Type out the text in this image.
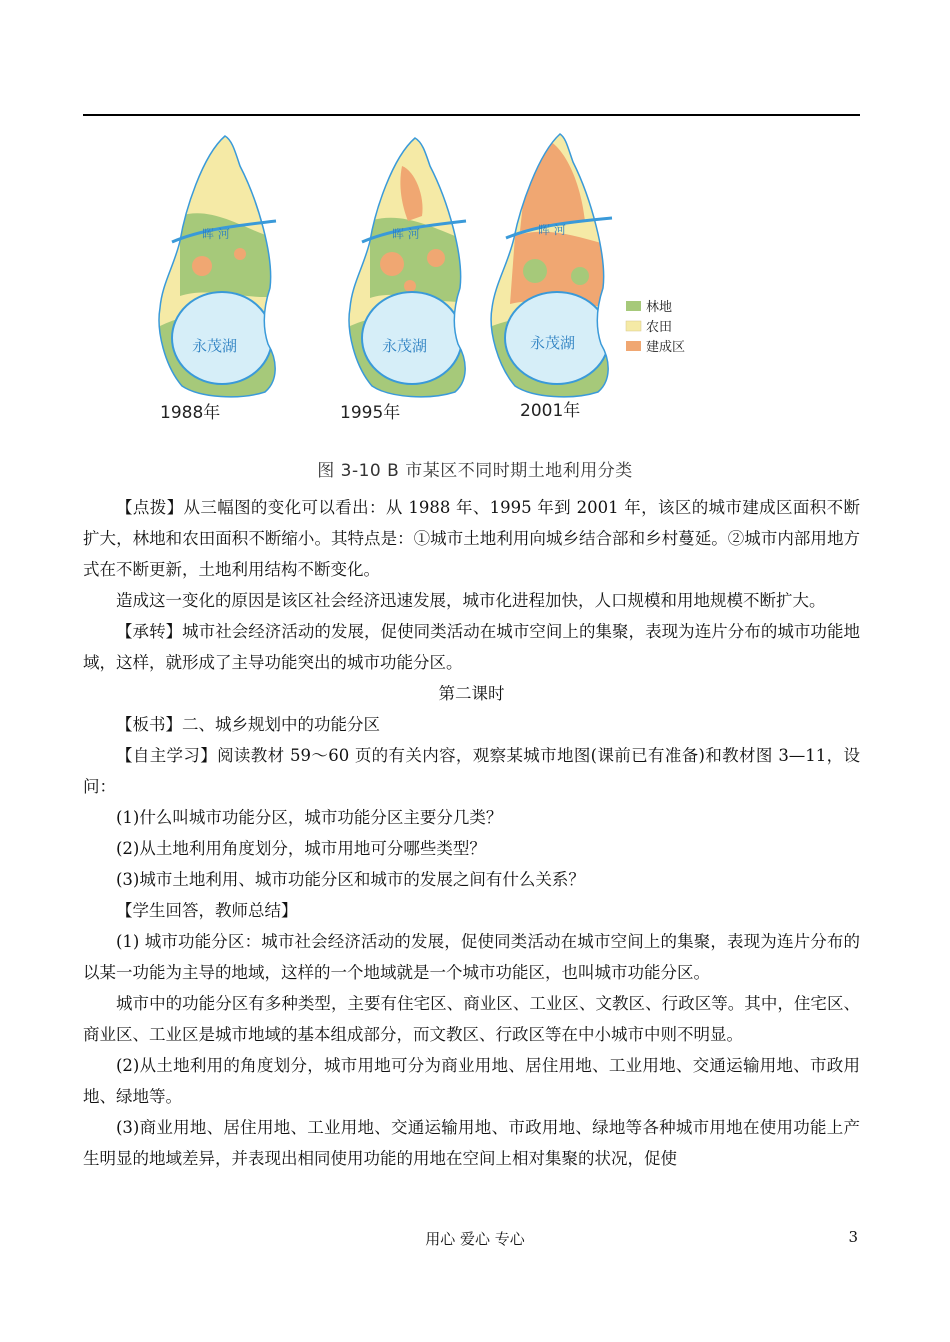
晖 河
永茂湖
1988年
晖 河
永茂湖
1995年
晖 河
永茂湖
2001年
林地
农田
建成区
图 3-10 B 市某区不同时期土地利用分类

【点拨】从三幅图的变化可以看出：从 1988 年、1995 年到 2001 年，该区的城市建成区面积不断扩大，林地和农田面积不断缩小。其特点是：①城市土地利用向城乡结合部和乡村蔓延。②城市内部用地方式在不断更新，土地利用结构不断变化。

造成这一变化的原因是该区社会经济迅速发展，城市化进程加快，人口规模和用地规模不断扩大。

【承转】城市社会经济活动的发展，促使同类活动在城市空间上的集聚，表现为连片分布的城市功能地域，这样，就形成了主导功能突出的城市功能分区。

第二课时

【板书】二、城乡规划中的功能分区

【自主学习】阅读教材 59～60 页的有关内容，观察某城市地图(课前已有准备)和教材图 3—11，设问：

(1)什么叫城市功能分区，城市功能分区主要分几类？

(2)从土地利用角度划分，城市用地可分哪些类型？

(3)城市土地利用、城市功能分区和城市的发展之间有什么关系？

【学生回答，教师总结】

(1) 城市功能分区：城市社会经济活动的发展，促使同类活动在城市空间上的集聚，表现为连片分布的以某一功能为主导的地域，这样的一个地域就是一个城市功能区，也叫城市功能分区。

城市中的功能分区有多种类型，主要有住宅区、商业区、工业区、文教区、行政区等。其中，住宅区、商业区、工业区是城市地域的基本组成部分，而文教区、行政区等在中小城市中则不明显。

(2)从土地利用的角度划分，城市用地可分为商业用地、居住用地、工业用地、交通运输用地、市政用地、绿地等。

(3)商业用地、居住用地、工业用地、交通运输用地、市政用地、绿地等各种城市用地在使用功能上产生明显的地域差异，并表现出相同使用功能的用地在空间上相对集聚的状况，促使

用心 爱心 专心	3
